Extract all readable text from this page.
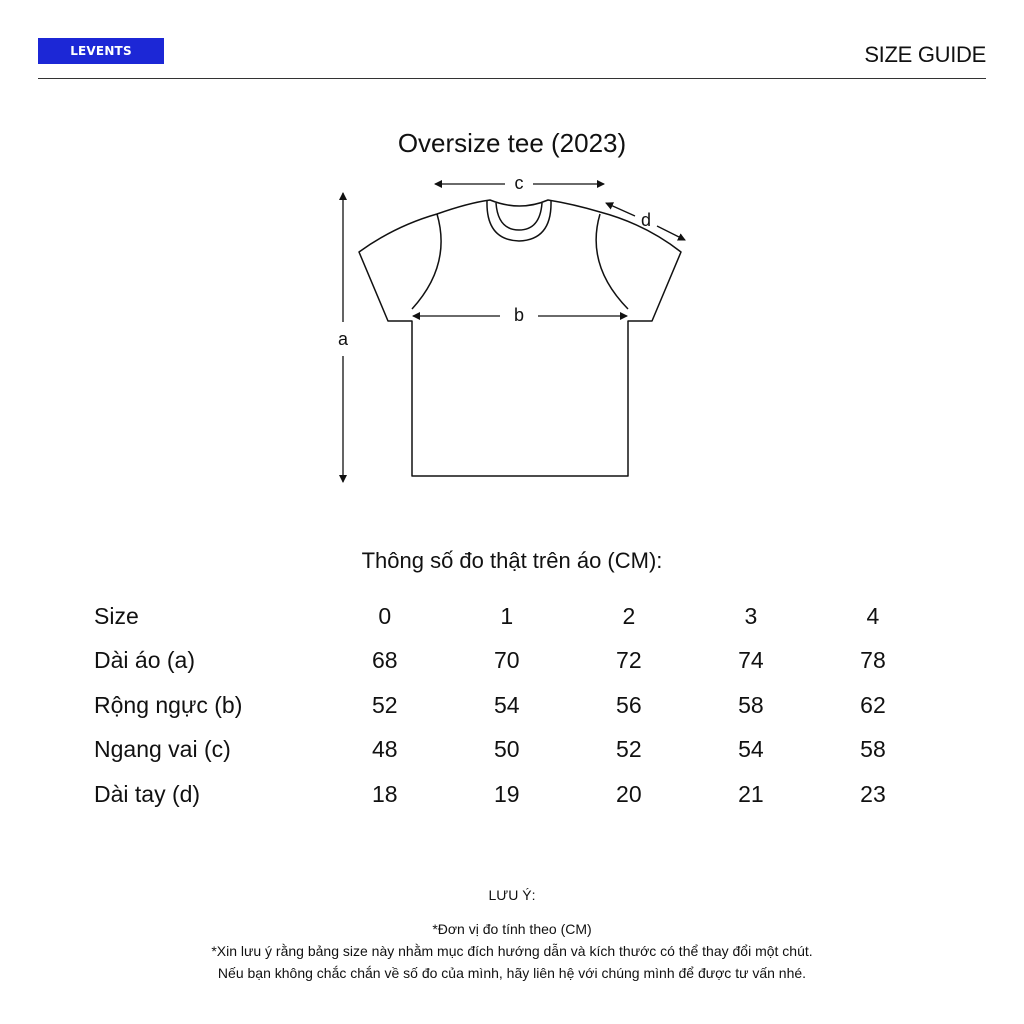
LEVENTS	SIZE GUIDE
Oversize tee (2023)
a
b
c
d
Thông số đo thật trên áo (CM):
Size	0	1	2	3	4
Dài áo (a)	68	70	72	74	78
Rộng ngực (b)	52	54	56	58	62
Ngang vai (c)	48	50	52	54	58
Dài tay (d)	18	19	20	21	23
LƯU Ý:
*Đơn vị đo tính theo (CM)
*Xin lưu ý rằng bảng size này nhằm mục đích hướng dẫn và kích thước có thể thay đổi một chút.
Nếu bạn không chắc chắn về số đo của mình, hãy liên hệ với chúng mình để được tư vấn nhé.
